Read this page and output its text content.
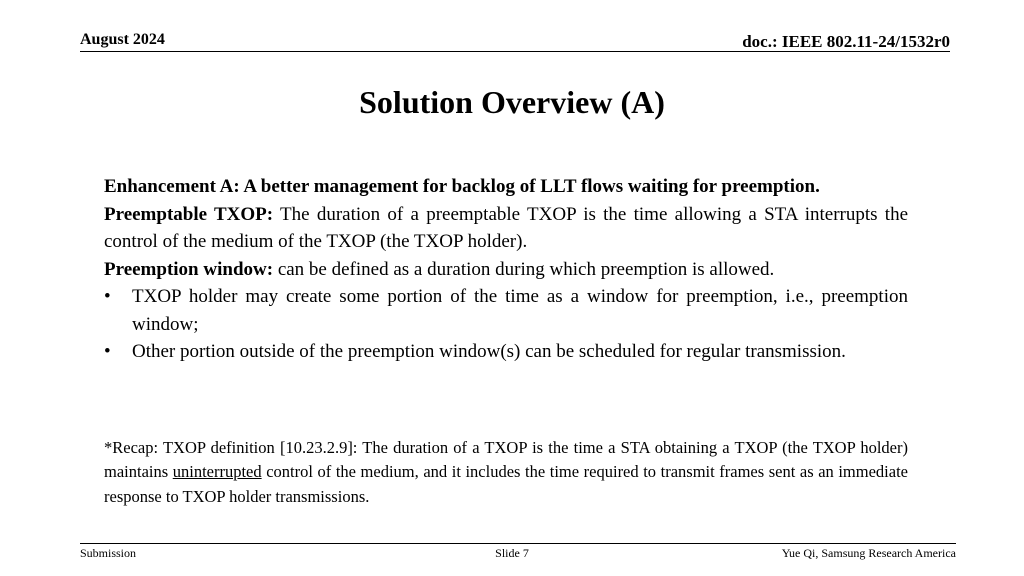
August 2024	doc.: IEEE 802.11-24/1532r0
Solution Overview (A)

Enhancement A: A better management for backlog of LLT flows waiting for preemption.

Preemptable TXOP: The duration of a preemptable TXOP is the time allowing a STA interrupts the control of the medium of the TXOP (the TXOP holder).

Preemption window: can be defined as a duration during which preemption is allowed.

• TXOP holder may create some portion of the time as a window for preemption, i.e., preemption window;
• Other portion outside of the preemption window(s) can be scheduled for regular transmission.

*Recap: TXOP definition [10.23.2.9]: The duration of a TXOP is the time a STA obtaining a TXOP (the TXOP holder) maintains uninterrupted control of the medium, and it includes the time required to transmit frames sent as an immediate response to TXOP holder transmissions.

Submission	Slide 7	Yue Qi, Samsung Research America
